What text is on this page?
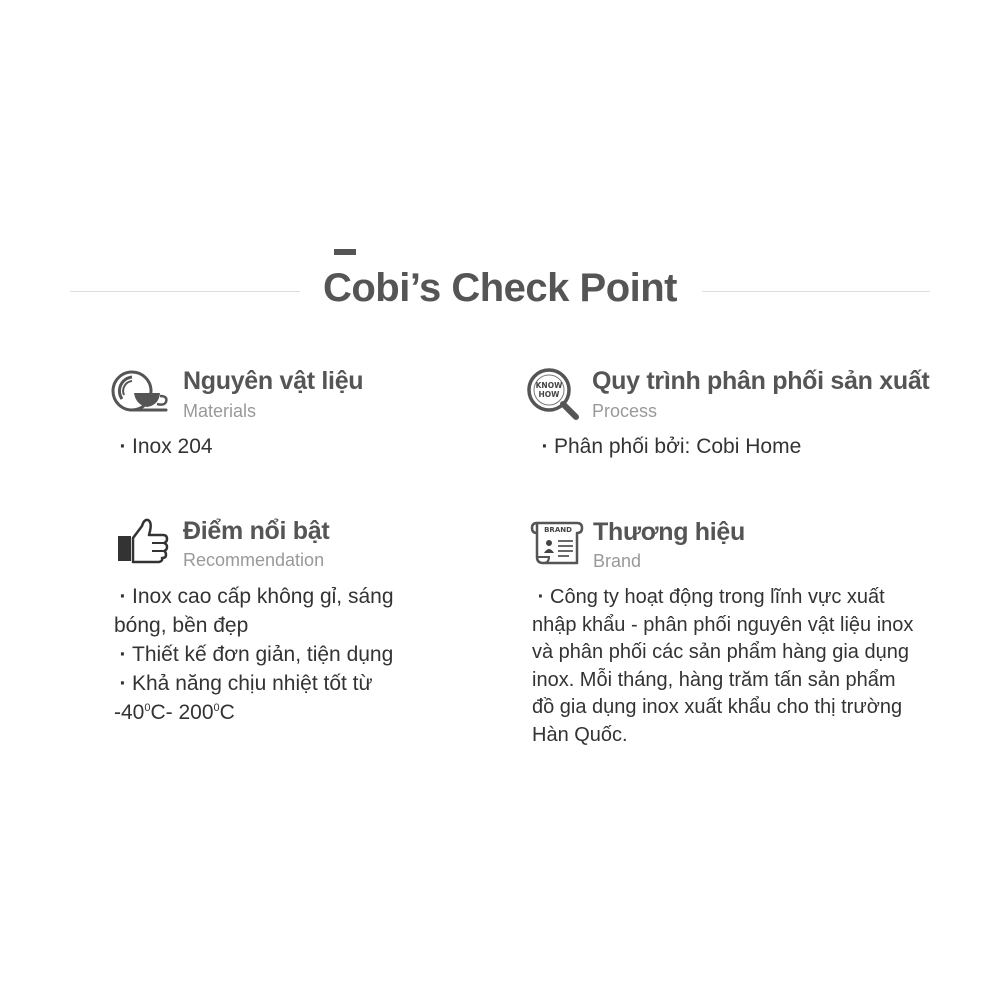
Cobi’s Check Point
Nguyên vật liệu
Materials

· Inox 204

KNOW
HOW Quy trình phân phối sản xuất
Process

· Phân phối bởi: Cobi Home

Điểm nổi bật
Recommendation

· Inox cao cấp không gỉ, sáng bóng, bền đẹp

· Thiết kế đơn giản, tiện dụng

· Khả năng chịu nhiệt tốt từ $-40^0C-$ $200^0C$

BRAND Thương hiệu
Brand

· Công ty hoạt động trong lĩnh vực xuất nhập khẩu - phân phối nguyên vật liệu inox và phân phối các sản phẩm hàng gia dụng inox. Mỗi tháng, hàng trăm tấn sản phẩm đồ gia dụng inox xuất khẩu cho thị trường Hàn Quốc.
